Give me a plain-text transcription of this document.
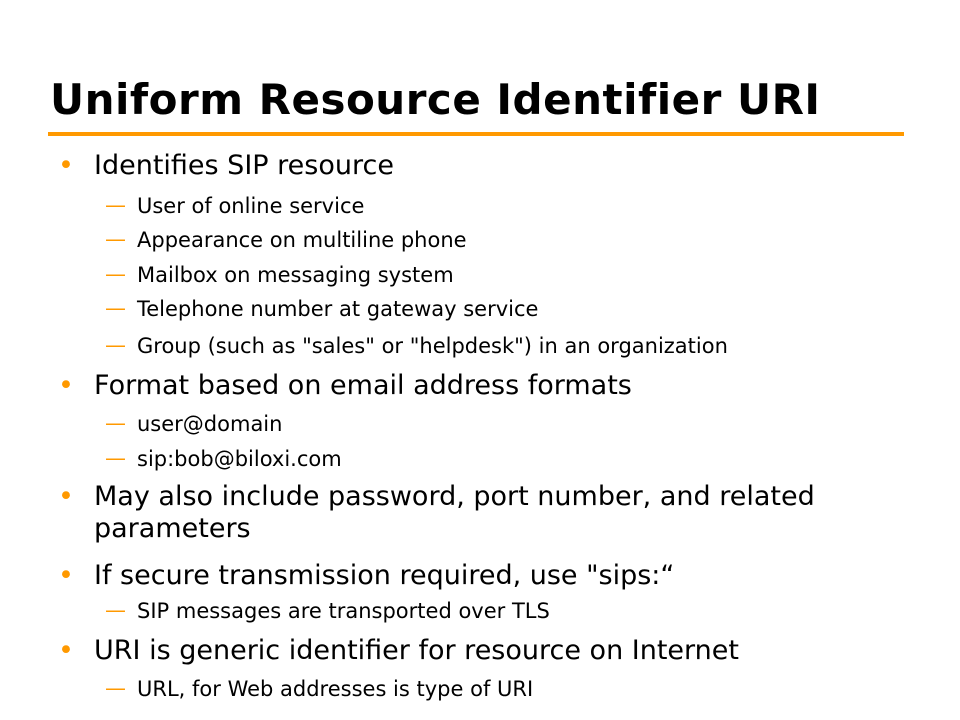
Uniform Resource Identifier URI
• Identifies SIP resource
— User of online service
— Appearance on multiline phone
— Mailbox on messaging system
— Telephone number at gateway service
— Group (such as "sales" or "helpdesk") in an organization
• Format based on email address formats
— user@domain
— sip:bob@biloxi.com
• May also include password, port number, and related parameters
• If secure transmission required, use "sips:“
— SIP messages are transported over TLS
• URI is generic identifier for resource on Internet
— URL, for Web addresses is type of URI
